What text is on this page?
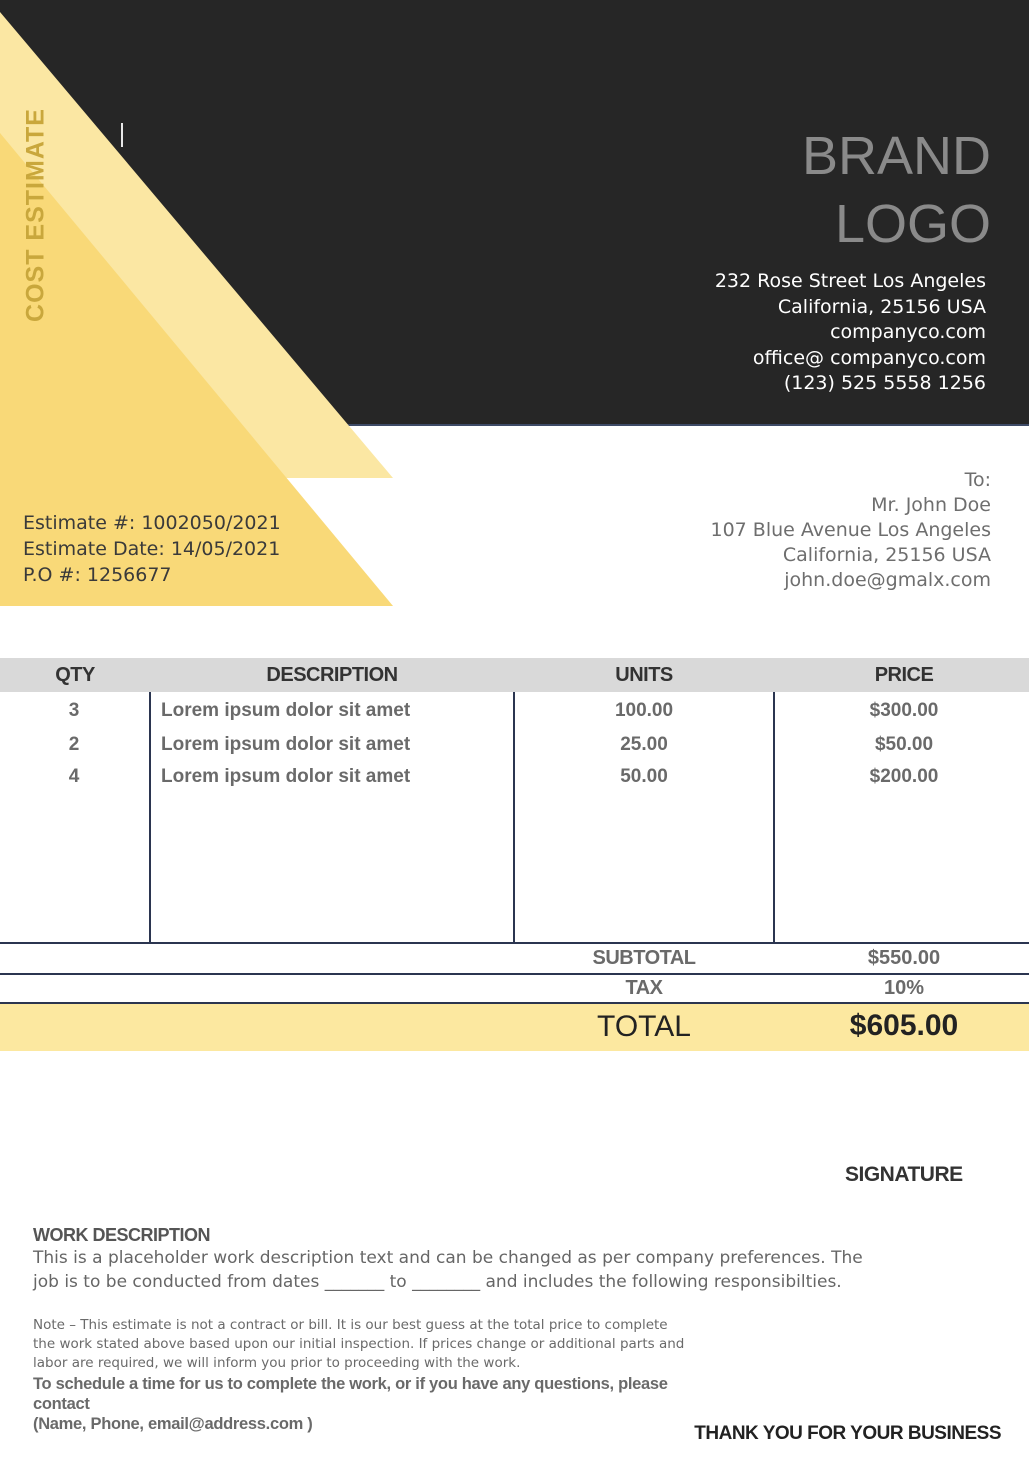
COST ESTIMATE	BRAND
LOGO
232 Rose Street Los Angeles
California, 25156 USA
companyco.com
office@ companyco.com
(123) 525 5558 1256
Estimate #: 1002050/2021
Estimate Date: 14/05/2021
P.O #: 1256677
To:
Mr. John Doe
107 Blue Avenue Los Angeles
California, 25156 USA
john.doe@gmalx.com
QTY	DESCRIPTION	UNITS	PRICE
3	Lorem ipsum dolor sit amet	100.00	$300.00
2	Lorem ipsum dolor sit amet	25.00	$50.00
4	Lorem ipsum dolor sit amet	50.00	$200.00
SUBTOTAL	$550.00
TAX	10%
TOTAL	$605.00
SIGNATURE
WORK DESCRIPTION
This is a placeholder work description text and can be changed as per company preferences. The job is to be conducted from dates _______ to ________ and includes the following responsibilties.
Note – This estimate is not a contract or bill. It is our best guess at the total price to complete the work stated above based upon our initial inspection. If prices change or additional parts and labor are required, we will inform you prior to proceeding with the work.
To schedule a time for us to complete the work, or if you have any questions, please contact
(Name, Phone, email@address.com )	THANK YOU FOR YOUR BUSINESS
